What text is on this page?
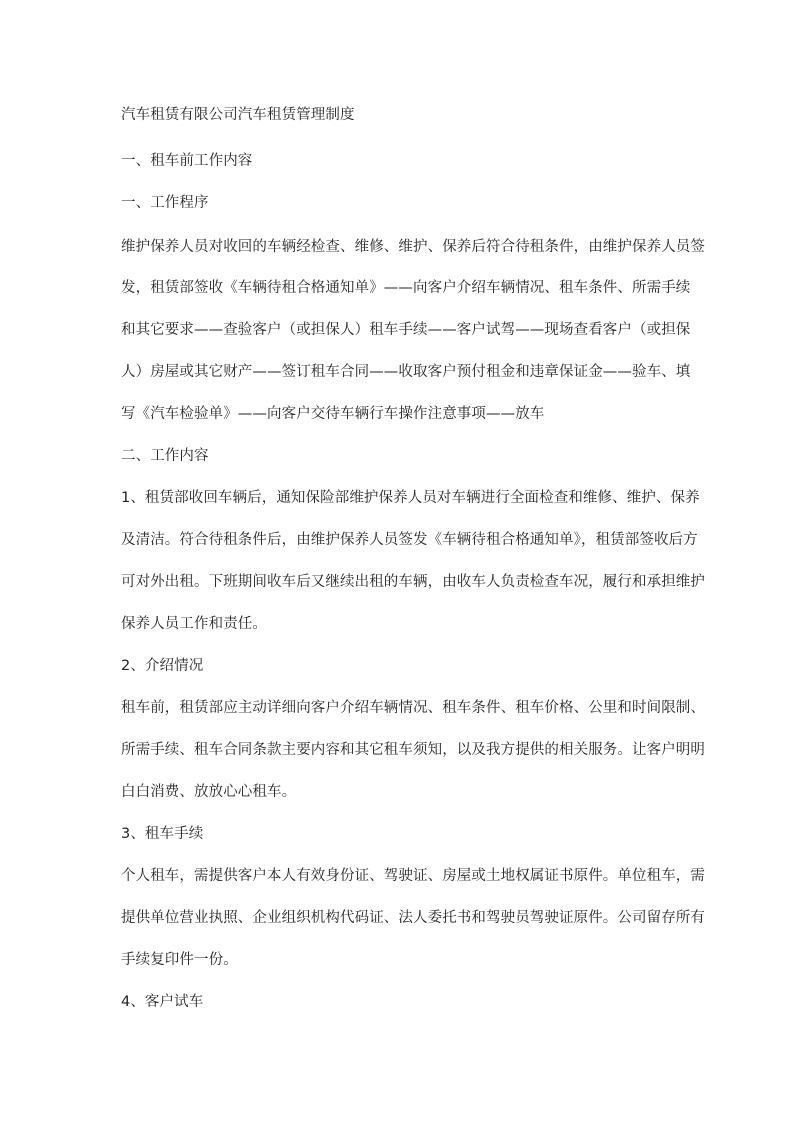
汽车租赁有限公司汽车租赁管理制度
一、租车前工作内容
一、工作程序
维护保养人员对收回的车辆经检查、维修、维护、保养后符合待租条件，由维护保养人员签
发，租赁部签收《车辆待租合格通知单》——向客户介绍车辆情况、租车条件、所需手续
和其它要求——查验客户（或担保人）租车手续——客户试驾——现场查看客户（或担保
人）房屋或其它财产——签订租车合同——收取客户预付租金和违章保证金——验车、填
写《汽车检验单》——向客户交待车辆行车操作注意事项——放车
二、工作内容
1、租赁部收回车辆后，通知保险部维护保养人员对车辆进行全面检查和维修、维护、保养
及清洁。符合待租条件后，由维护保养人员签发《车辆待租合格通知单》，租赁部签收后方
可对外出租。下班期间收车后又继续出租的车辆，由收车人负责检查车况，履行和承担维护
保养人员工作和责任。
2、介绍情况
租车前，租赁部应主动详细向客户介绍车辆情况、租车条件、租车价格、公里和时间限制、
所需手续、租车合同条款主要内容和其它租车须知，以及我方提供的相关服务。让客户明明
白白消费、放放心心租车。
3、租车手续
个人租车，需提供客户本人有效身份证、驾驶证、房屋或土地权属证书原件。单位租车，需
提供单位营业执照、企业组织机构代码证、法人委托书和驾驶员驾驶证原件。公司留存所有
手续复印件一份。
4、客户试车
